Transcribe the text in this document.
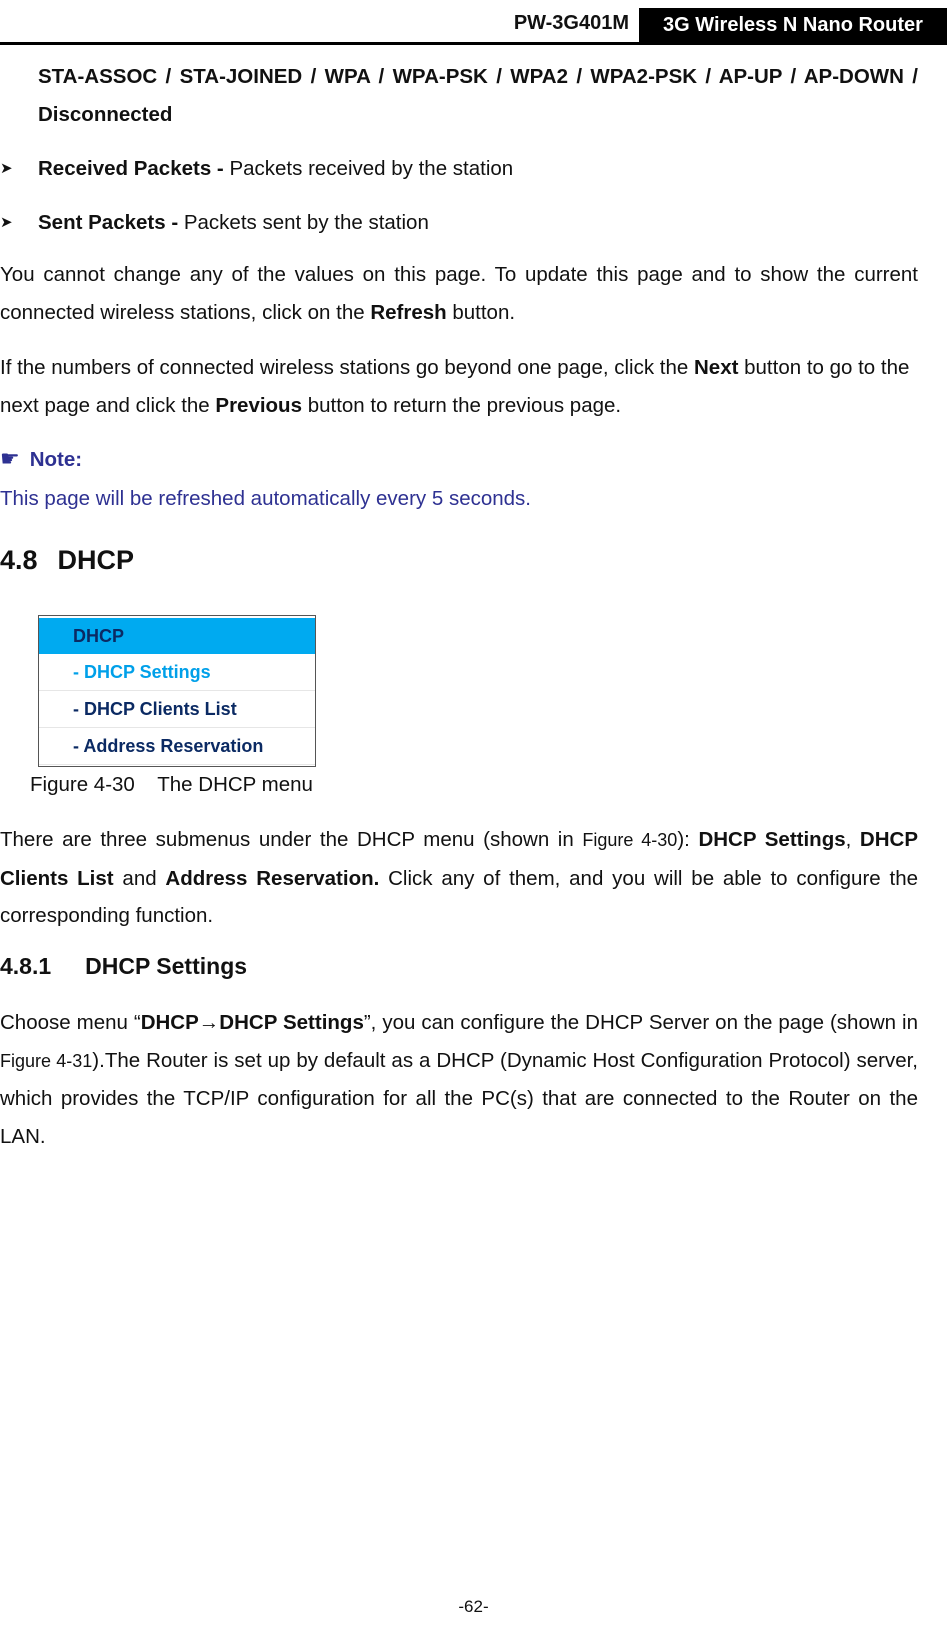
PW-3G401M	3G Wireless N Nano Router
STA-ASSOC / STA-JOINED / WPA / WPA-PSK / WPA2 / WPA2-PSK / AP-UP / AP-DOWN / Disconnected
➤ Received Packets - Packets received by the station
➤ Sent Packets - Packets sent by the station
You cannot change any of the values on this page. To update this page and to show the current connected wireless stations, click on the Refresh button.
If the numbers of connected wireless stations go beyond one page, click the Next button to go to the next page and click the Previous button to return the previous page.
☛ Note:
This page will be refreshed automatically every 5 seconds.
4.8 DHCP
DHCP
- DHCP Settings
- DHCP Clients List
- Address Reservation
Figure 4-30    The DHCP menu
There are three submenus under the DHCP menu (shown in Figure 4-30): DHCP Settings, DHCP Clients List and Address Reservation. Click any of them, and you will be able to configure the corresponding function.
4.8.1 DHCP Settings
Choose menu “DHCP→DHCP Settings”, you can configure the DHCP Server on the page (shown in Figure 4-31).The Router is set up by default as a DHCP (Dynamic Host Configuration Protocol) server, which provides the TCP/IP configuration for all the PC(s) that are connected to the Router on the LAN.
-62-
